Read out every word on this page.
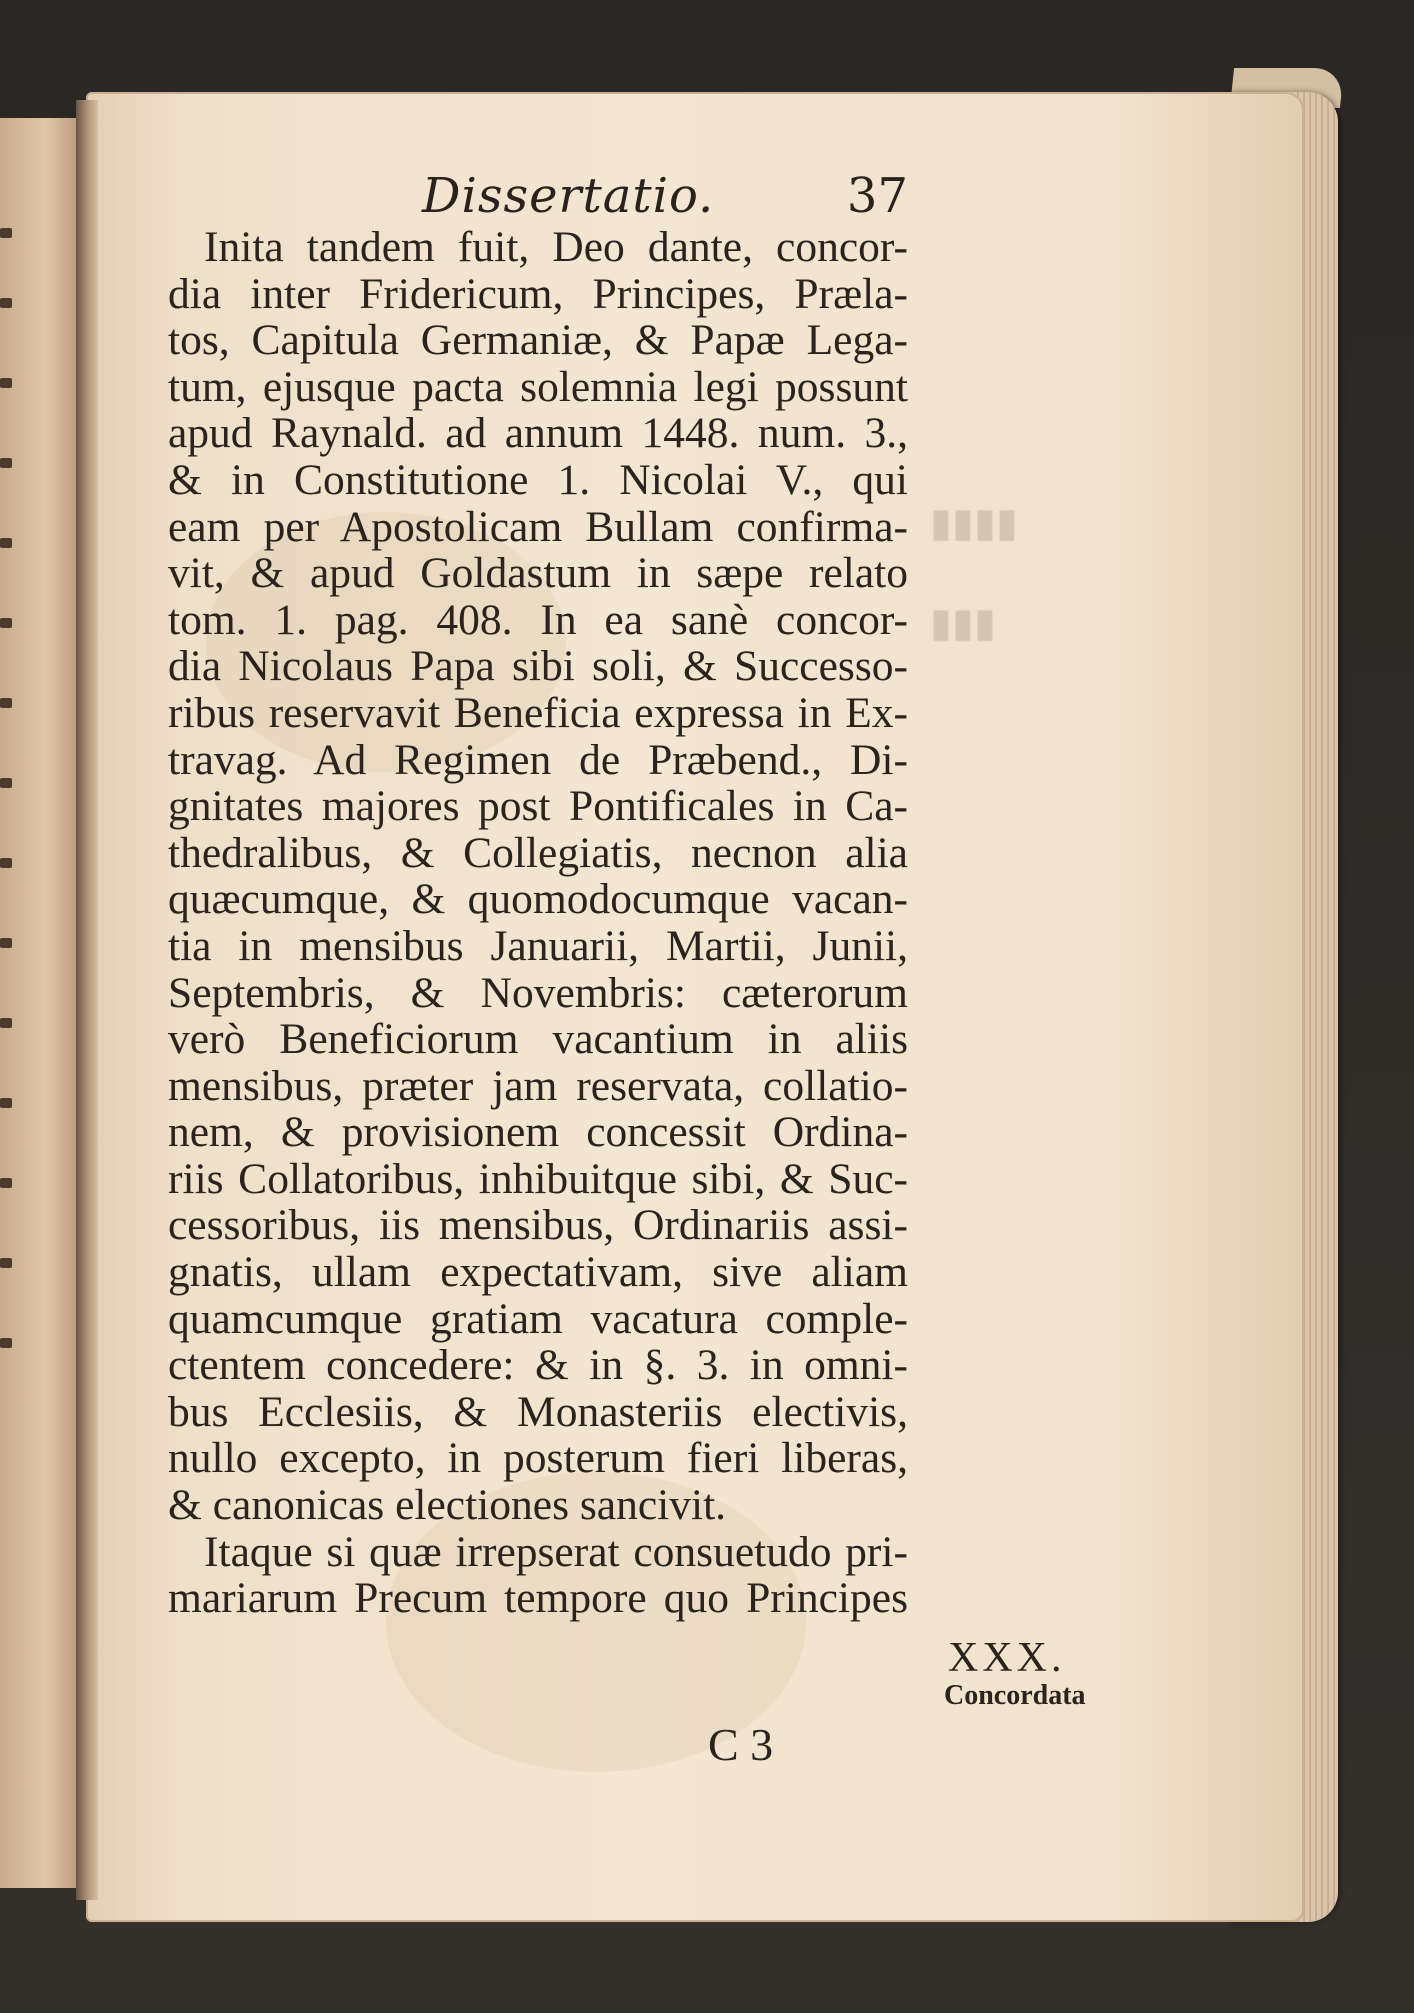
▮▮▮▮
▮▮▮
Dissertatio.	37
Inita tandem fuit, Deo dante, concor-
dia inter Fridericum, Principes, Præla-
tos, Capitula Germaniæ, & Papæ Lega-
tum, ejusque pacta solemnia legi possunt
apud Raynald. ad annum 1448. num. 3.,
& in Constitutione 1. Nicolai V., qui
eam per Apostolicam Bullam confirma-
vit, & apud Goldastum in sæpe relato
tom. 1. pag. 408. In ea sanè concor-
dia Nicolaus Papa sibi soli, & Successo-
ribus reservavit Beneficia expressa in Ex-
travag. Ad Regimen de Præbend., Di-
gnitates majores post Pontificales in Ca-
thedralibus, & Collegiatis, necnon alia
quæcumque, & quomodocumque vacan-
tia in mensibus Januarii, Martii, Junii,
Septembris, & Novembris: cæterorum
verò Beneficiorum vacantium in aliis
mensibus, præter jam reservata, collatio-
nem, & provisionem concessit Ordina-
riis Collatoribus, inhibuitque sibi, & Suc-
cessoribus, iis mensibus, Ordinariis assi-
gnatis, ullam expectativam, sive aliam
quamcumque gratiam vacatura comple-
ctentem concedere: & in §. 3. in omni-
bus Ecclesiis, & Monasteriis electivis,
nullo excepto, in posterum fieri liberas,
& canonicas electiones sancivit.
Itaque si quæ irrepserat consuetudo pri-
mariarum Precum tempore quo Principes
C 3
XXX.
Concordata
